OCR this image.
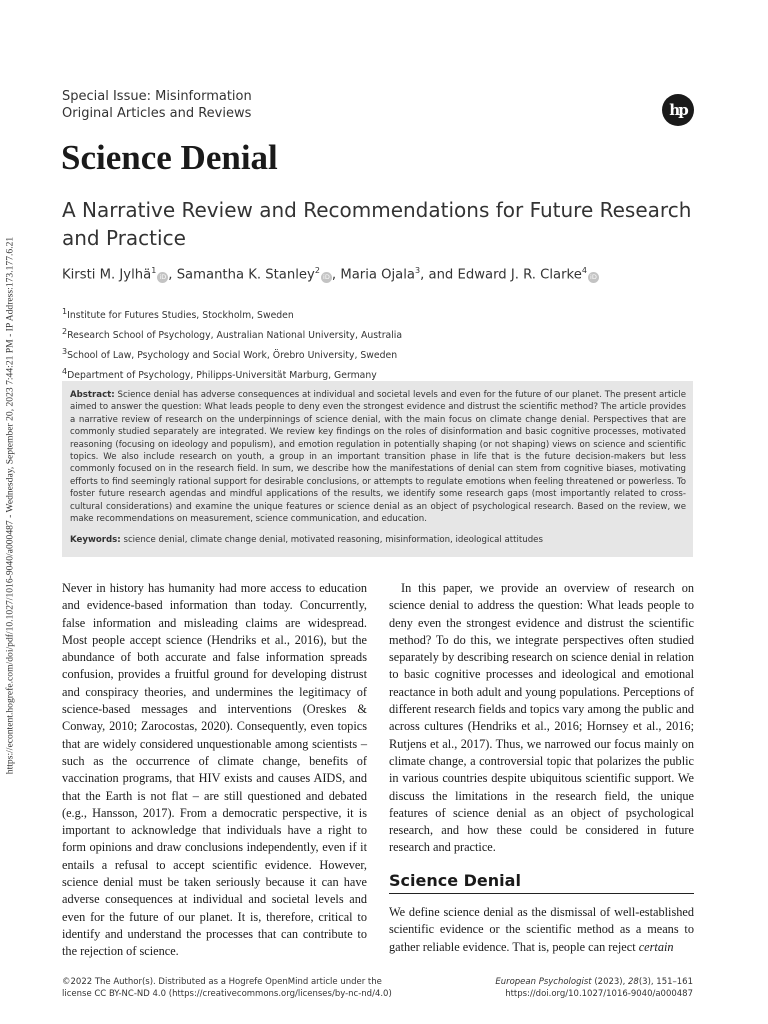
https://econtent.hogrefe.com/doi/pdf/10.1027/1016-9040/a000487 - Wednesday, September 20, 2023 7:44:21 PM - IP Address:173.177.6.21
Special Issue: Misinformation
Original Articles and Reviews	hp
Science Denial

A Narrative Review and Recommendations for Future Research and Practice

Kirsti M. Jylhä$^1$iD , Samantha K. Stanley$^2$iD , Maria Ojala$^3$, and Edward J. R. Clarke$^4$iD
$^1$Institute for Futures Studies, Stockholm, Sweden
$^2$Research School of Psychology, Australian National University, Australia
$^3$School of Law, Psychology and Social Work, Örebro University, Sweden
$^4$Department of Psychology, Philipps-Universität Marburg, Germany
Abstract: Science denial has adverse consequences at individual and societal levels and even for the future of our planet. The present article aimed to answer the question: What leads people to deny even the strongest evidence and distrust the scientific method? The article provides a narrative review of research on the underpinnings of science denial, with the main focus on climate change denial. Perspectives that are commonly studied separately are integrated. We review key findings on the roles of disinformation and basic cognitive processes, motivated reasoning (focusing on ideology and populism), and emotion regulation in potentially shaping (or not shaping) views on science and scientific topics. We also include research on youth, a group in an important transition phase in life that is the future decision-makers but less commonly focused on in the research field. In sum, we describe how the manifestations of denial can stem from cognitive biases, motivating efforts to find seemingly rational support for desirable conclusions, or attempts to regulate emotions when feeling threatened or powerless. To foster future research agendas and mindful applications of the results, we identify some research gaps (most importantly related to cross-cultural considerations) and examine the unique features or science denial as an object of psychological research. Based on the review, we make recommendations on measurement, science communication, and education.
Keywords: science denial, climate change denial, motivated reasoning, misinformation, ideological attitudes

Never in history has humanity had more access to education and evidence-based information than today. Concurrently, false information and misleading claims are widespread. Most people accept science (Hendriks et al., 2016), but the abundance of both accurate and false information spreads confusion, provides a fruitful ground for developing distrust and conspiracy theories, and undermines the legitimacy of science-based messages and interventions (Oreskes & Conway, 2010; Zarocostas, 2020). Consequently, even topics that are widely considered unquestionable among scientists – such as the occurrence of climate change, benefits of vaccination programs, that HIV exists and causes AIDS, and that the Earth is not flat – are still questioned and debated (e.g., Hansson, 2017). From a democratic perspective, it is important to acknowledge that individuals have a right to form opinions and draw conclusions independently, even if it entails a refusal to accept scientific evidence. However, science denial must be taken seriously because it can have adverse consequences at individual and societal levels and even for the future of our planet. It is, therefore, critical to identify and understand the processes that can contribute to the rejection of science.

In this paper, we provide an overview of research on science denial to address the question: What leads people to deny even the strongest evidence and distrust the scientific method? To do this, we integrate perspectives often studied separately by describing research on science denial in relation to basic cognitive processes and ideological and emotional reactance in both adult and young populations. Perceptions of different research fields and topics vary among the public and across cultures (Hendriks et al., 2016; Hornsey et al., 2016; Rutjens et al., 2017). Thus, we narrowed our focus mainly on climate change, a controversial topic that polarizes the public in various countries despite ubiquitous scientific support. We discuss the limitations in the research field, the unique features of science denial as an object of psychological research, and how these could be considered in future research and practice.

Science Denial

We define science denial as the dismissal of well-established scientific evidence or the scientific method as a means to gather reliable evidence. That is, people can reject certain

©2022 The Author(s). Distributed as a Hogrefe OpenMind article under the
license CC BY-NC-ND 4.0 (https://creativecommons.org/licenses/by-nc-nd/4.0)
European Psychologist (2023), 28(3), 151–161
https://doi.org/10.1027/1016-9040/a000487
